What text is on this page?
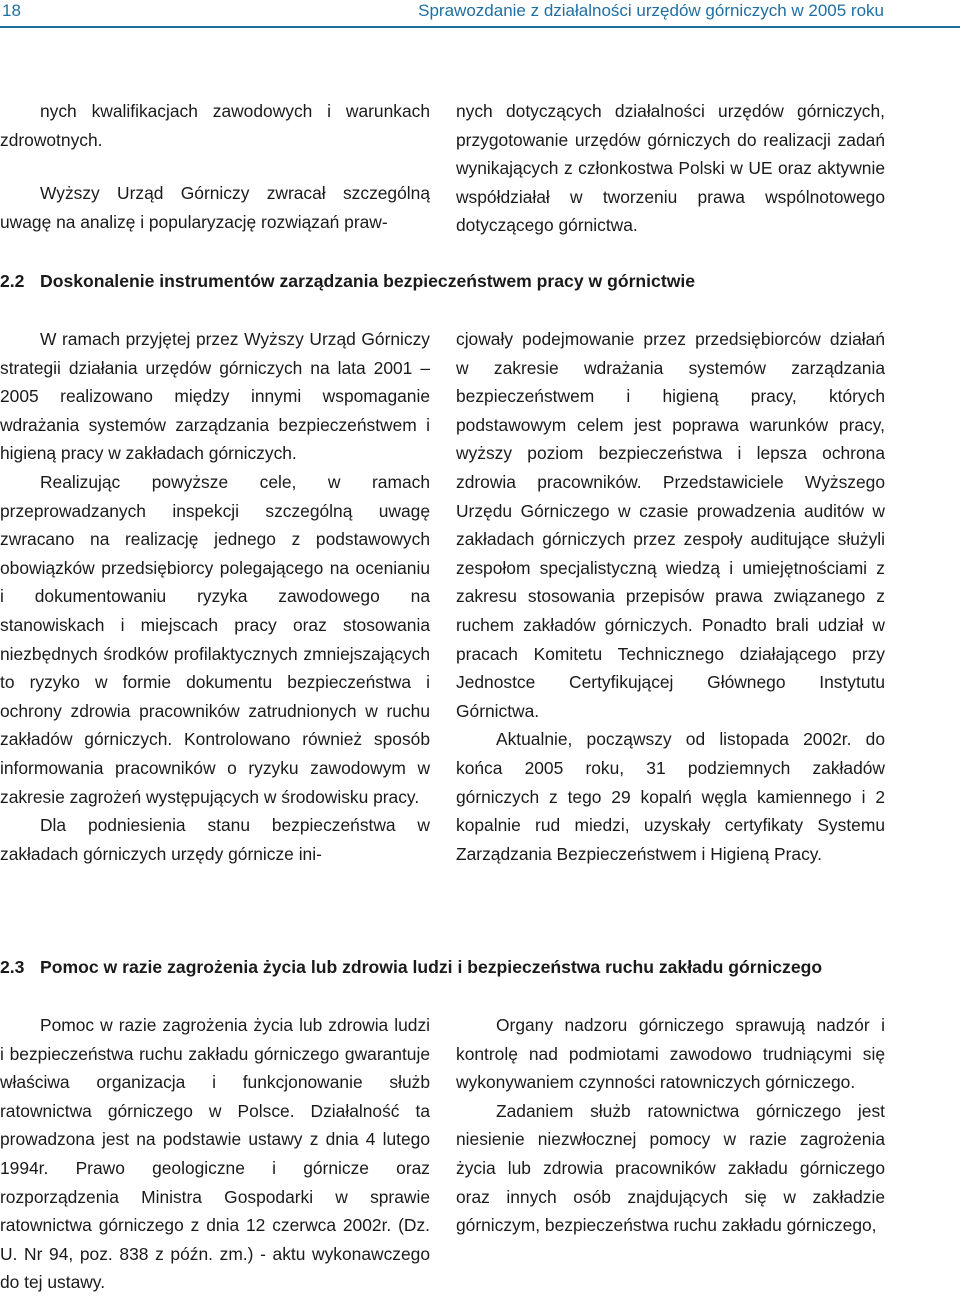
18	Sprawozdanie z działalności urzędów górniczych w 2005 roku

nych kwalifikacjach zawodowych i warunkach zdrowotnych.

Wyższy Urząd Górniczy zwracał szczególną uwagę na analizę i popularyzację rozwiązań praw-

nych dotyczących działalności urzędów górniczych, przygotowanie urzędów górniczych do realizacji zadań wynikających z członkostwa Polski w UE oraz aktywnie współdziałał w tworzeniu prawa wspólnotowego dotyczącego górnictwa.

2.2 Doskonalenie instrumentów zarządzania bezpieczeństwem pracy w górnictwie

W ramach przyjętej przez Wyższy Urząd Górniczy strategii działania urzędów górniczych na lata 2001 – 2005 realizowano między innymi wspomaganie wdrażania systemów zarządzania bezpieczeństwem i higieną pracy w zakładach górniczych.

Realizując powyższe cele, w ramach przeprowadzanych inspekcji szczególną uwagę zwracano na realizację jednego z podstawowych obowiązków przedsiębiorcy polegającego na ocenianiu i dokumentowaniu ryzyka zawodowego na stanowiskach i miejscach pracy oraz stosowania niezbędnych środków profilaktycznych zmniejszających to ryzyko w formie dokumentu bezpieczeństwa i ochrony zdrowia pracowników zatrudnionych w ruchu zakładów górniczych. Kontrolowano również sposób informowania pracowników o ryzyku zawodowym w zakresie zagrożeń występujących w środowisku pracy.

Dla podniesienia stanu bezpieczeństwa w zakładach górniczych urzędy górnicze ini-

cjowały podejmowanie przez przedsiębiorców działań w zakresie wdrażania systemów zarządzania bezpieczeństwem i higieną pracy, których podstawowym celem jest poprawa warunków pracy, wyższy poziom bezpieczeństwa i lepsza ochrona zdrowia pracowników. Przedstawiciele Wyższego Urzędu Górniczego w czasie prowadzenia auditów w zakładach górniczych przez zespoły auditujące służyli zespołom specjalistyczną wiedzą i umiejętnościami z zakresu stosowania przepisów prawa związanego z ruchem zakładów górniczych. Ponadto brali udział w pracach Komitetu Technicznego działającego przy Jednostce Certyfikującej Głównego Instytutu Górnictwa.

Aktualnie, począwszy od listopada 2002r. do końca 2005 roku, 31 podziemnych zakładów górniczych z tego 29 kopalń węgla kamiennego i 2 kopalnie rud miedzi, uzyskały certyfikaty Systemu Zarządzania Bezpieczeństwem i Higieną Pracy.

2.3 Pomoc w razie zagrożenia życia lub zdrowia ludzi i bezpieczeństwa ruchu zakładu górniczego

Pomoc w razie zagrożenia życia lub zdrowia ludzi i bezpieczeństwa ruchu zakładu górniczego gwarantuje właściwa organizacja i funkcjonowanie służb ratownictwa górniczego w Polsce. Działalność ta prowadzona jest na podstawie ustawy z dnia 4 lutego 1994r. Prawo geologiczne i górnicze oraz rozporządzenia Ministra Gospodarki w sprawie ratownictwa górniczego z dnia 12 czerwca 2002r. (Dz. U. Nr 94, poz. 838 z późn. zm.) - aktu wykonawczego do tej ustawy.

Organy nadzoru górniczego sprawują nadzór i kontrolę nad podmiotami zawodowo trudniącymi się wykonywaniem czynności ratowniczych górniczego.

Zadaniem służb ratownictwa górniczego jest niesienie niezwłocznej pomocy w razie zagrożenia życia lub zdrowia pracowników zakładu górniczego oraz innych osób znajdujących się w zakładzie górniczym, bezpieczeństwa ruchu zakładu górniczego,
